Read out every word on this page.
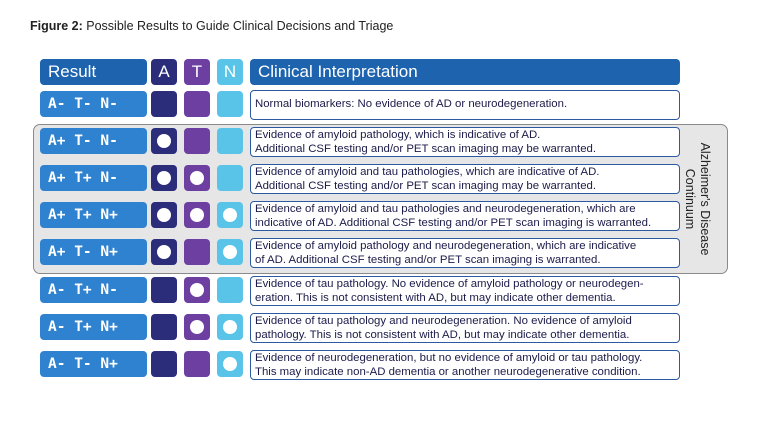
Figure 2: Possible Results to Guide Clinical Decisions and Triage
Result	A	T	N	Clinical Interpretation
Alzheimer's Disease
Continuum
A- T- N-	Normal biomarkers: No evidence of AD or neurodegeneration.
A+ T- N-	Evidence of amyloid pathology, which is indicative of AD.
Additional CSF testing and/or PET scan imaging may be warranted.
A+ T+ N-	Evidence of amyloid and tau pathologies, which are indicative of AD.
Additional CSF testing and/or PET scan imaging may be warranted.
A+ T+ N+	Evidence of amyloid and tau pathologies and neurodegeneration, which are
indicative of AD. Additional CSF testing and/or PET scan imaging is warranted.
A+ T- N+	Evidence of amyloid pathology and neurodegeneration, which are indicative
of AD. Additional CSF testing and/or PET scan imaging is warranted.
A- T+ N-	Evidence of tau pathology. No evidence of amyloid pathology or neurodegen-
eration. This is not consistent with AD, but may indicate other dementia.
A- T+ N+	Evidence of tau pathology and neurodegeneration. No evidence of amyloid
pathology. This is not consistent with AD, but may indicate other dementia.
A- T- N+	Evidence of neurodegeneration, but no evidence of amyloid or tau pathology.
This may indicate non-AD dementia or another neurodegenerative condition.
